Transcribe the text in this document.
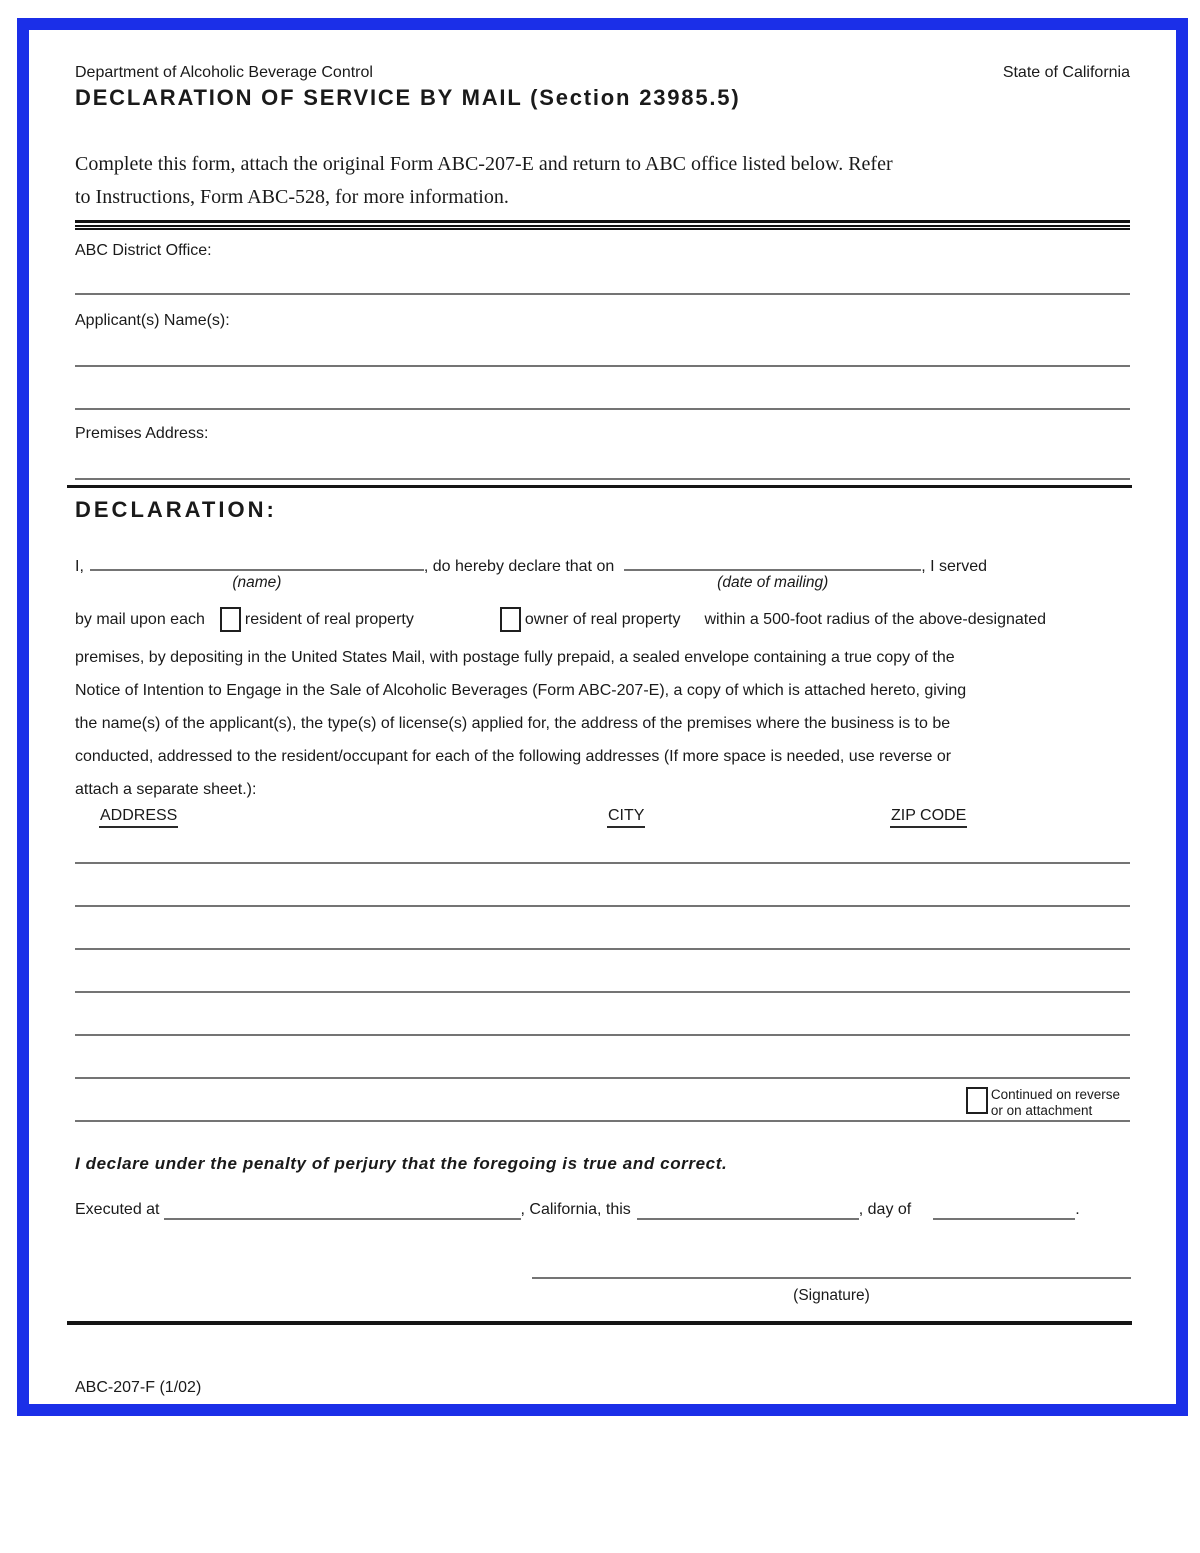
Department of Alcoholic Beverage Control	State of California
DECLARATION OF SERVICE BY MAIL (Section 23985.5)
Complete this form, attach the original Form ABC-207-E and return to ABC office listed below. Refer
to Instructions, Form ABC-528, for more information.
ABC District Office:
Applicant(s) Name(s):
Premises Address:
DECLARATION:
I,
(name)
, do hereby declare that on
(date of mailing)
, I served
by mail upon each	resident of real property	owner of real property within a 500-foot radius of the above-designated
premises, by depositing in the United States Mail, with postage fully prepaid, a sealed envelope containing a true copy of the
Notice of Intention to Engage in the Sale of Alcoholic Beverages (Form ABC-207-E), a copy of which is attached hereto, giving
the name(s) of the applicant(s), the type(s) of license(s) applied for, the address of the premises where the business is to be
conducted, addressed to the resident/occupant for each of the following addresses (If more space is needed, use reverse or
attach a separate sheet.):
ADDRESS	CITY	ZIP CODE
Continued on reverse
or on attachment
I declare under the penalty of perjury that the foregoing is true and correct.
Executed at	, California, this	, day of	.
(Signature)
ABC-207-F (1/02)
